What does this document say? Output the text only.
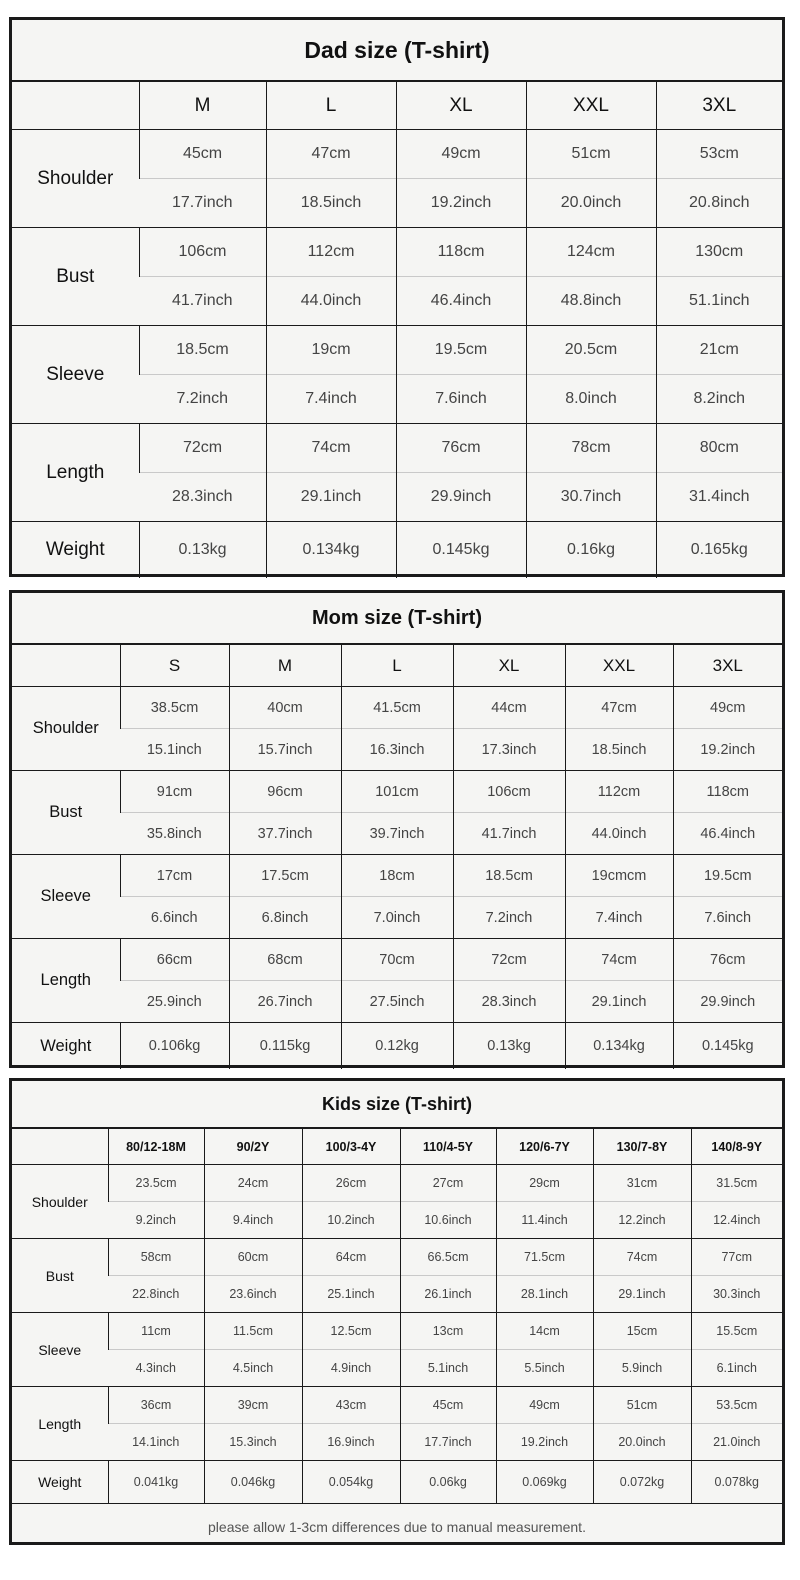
Dad size (T-shirt)
	M	L	XL	XXL	3XL
Shoulder	45cm	47cm	49cm	51cm	53cm
	17.7inch	18.5inch	19.2inch	20.0inch	20.8inch
Bust	106cm	112cm	118cm	124cm	130cm
	41.7inch	44.0inch	46.4inch	48.8inch	51.1inch
Sleeve	18.5cm	19cm	19.5cm	20.5cm	21cm
	7.2inch	7.4inch	7.6inch	8.0inch	8.2inch
Length	72cm	74cm	76cm	78cm	80cm
	28.3inch	29.1inch	29.9inch	30.7inch	31.4inch
Weight	0.13kg	0.134kg	0.145kg	0.16kg	0.165kg
Mom size (T-shirt)
	S	M	L	XL	XXL	3XL
Shoulder	38.5cm	40cm	41.5cm	44cm	47cm	49cm
	15.1inch	15.7inch	16.3inch	17.3inch	18.5inch	19.2inch
Bust	91cm	96cm	101cm	106cm	112cm	118cm
	35.8inch	37.7inch	39.7inch	41.7inch	44.0inch	46.4inch
Sleeve	17cm	17.5cm	18cm	18.5cm	19cmcm	19.5cm
	6.6inch	6.8inch	7.0inch	7.2inch	7.4inch	7.6inch
Length	66cm	68cm	70cm	72cm	74cm	76cm
	25.9inch	26.7inch	27.5inch	28.3inch	29.1inch	29.9inch
Weight	0.106kg	0.115kg	0.12kg	0.13kg	0.134kg	0.145kg
Kids size (T-shirt)
	80/12-18M	90/2Y	100/3-4Y	110/4-5Y	120/6-7Y	130/7-8Y	140/8-9Y
Shoulder	23.5cm	24cm	26cm	27cm	29cm	31cm	31.5cm
	9.2inch	9.4inch	10.2inch	10.6inch	11.4inch	12.2inch	12.4inch
Bust	58cm	60cm	64cm	66.5cm	71.5cm	74cm	77cm
	22.8inch	23.6inch	25.1inch	26.1inch	28.1inch	29.1inch	30.3inch
Sleeve	11cm	11.5cm	12.5cm	13cm	14cm	15cm	15.5cm
	4.3inch	4.5inch	4.9inch	5.1inch	5.5inch	5.9inch	6.1inch
Length	36cm	39cm	43cm	45cm	49cm	51cm	53.5cm
	14.1inch	15.3inch	16.9inch	17.7inch	19.2inch	20.0inch	21.0inch
Weight	0.041kg	0.046kg	0.054kg	0.06kg	0.069kg	0.072kg	0.078kg
please allow 1-3cm differences due to manual measurement.							
